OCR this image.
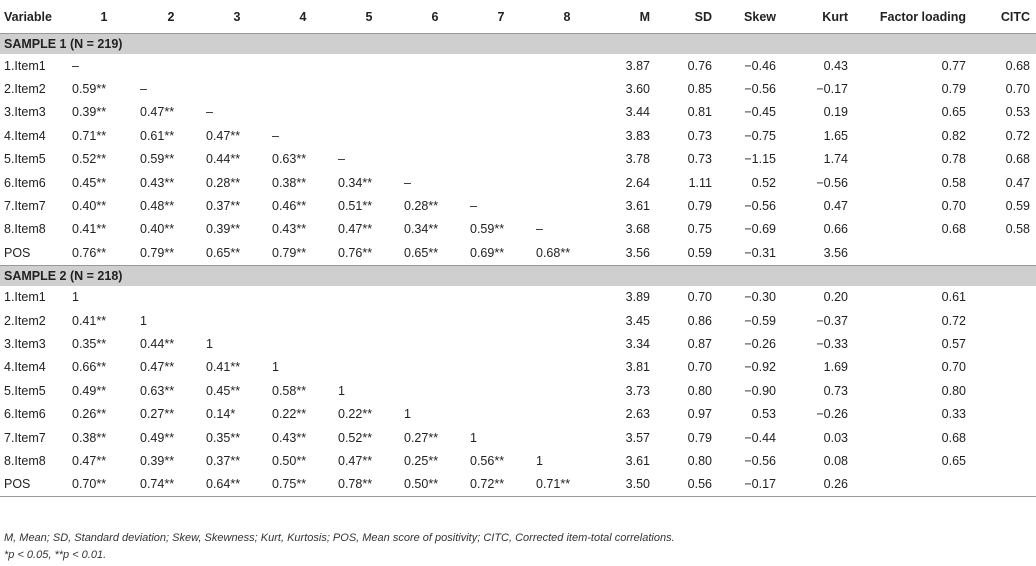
Variable	1	2	3	4	5	6	7	8	M	SD	Skew	Kurt	Factor loading	CITC
SAMPLE 1 (N = 219)														
1.Item1	–								3.87	0.76	−0.46	0.43	0.77	0.68
2.Item2	0.59**	–							3.60	0.85	−0.56	−0.17	0.79	0.70
3.Item3	0.39**	0.47**	–						3.44	0.81	−0.45	0.19	0.65	0.53
4.Item4	0.71**	0.61**	0.47**	–					3.83	0.73	−0.75	1.65	0.82	0.72
5.Item5	0.52**	0.59**	0.44**	0.63**	–				3.78	0.73	−1.15	1.74	0.78	0.68
6.Item6	0.45**	0.43**	0.28**	0.38**	0.34**	–			2.64	1.11	0.52	−0.56	0.58	0.47
7.Item7	0.40**	0.48**	0.37**	0.46**	0.51**	0.28**	–		3.61	0.79	−0.56	0.47	0.70	0.59
8.Item8	0.41**	0.40**	0.39**	0.43**	0.47**	0.34**	0.59**	–	3.68	0.75	−0.69	0.66	0.68	0.58
POS	0.76**	0.79**	0.65**	0.79**	0.76**	0.65**	0.69**	0.68**	3.56	0.59	−0.31	3.56		
SAMPLE 2 (N = 218)														
1.Item1	1								3.89	0.70	−0.30	0.20	0.61	
2.Item2	0.41**	1							3.45	0.86	−0.59	−0.37	0.72	
3.Item3	0.35**	0.44**	1						3.34	0.87	−0.26	−0.33	0.57	
4.Item4	0.66**	0.47**	0.41**	1					3.81	0.70	−0.92	1.69	0.70	
5.Item5	0.49**	0.63**	0.45**	0.58**	1				3.73	0.80	−0.90	0.73	0.80	
6.Item6	0.26**	0.27**	0.14*	0.22**	0.22**	1			2.63	0.97	0.53	−0.26	0.33	
7.Item7	0.38**	0.49**	0.35**	0.43**	0.52**	0.27**	1		3.57	0.79	−0.44	0.03	0.68	
8.Item8	0.47**	0.39**	0.37**	0.50**	0.47**	0.25**	0.56**	1	3.61	0.80	−0.56	0.08	0.65	
POS	0.70**	0.74**	0.64**	0.75**	0.78**	0.50**	0.72**	0.71**	3.50	0.56	−0.17	0.26		
M, Mean; SD, Standard deviation; Skew, Skewness; Kurt, Kurtosis; POS, Mean score of positivity; CITC, Corrected item-total correlations.
*p < 0.05, **p < 0.01.
